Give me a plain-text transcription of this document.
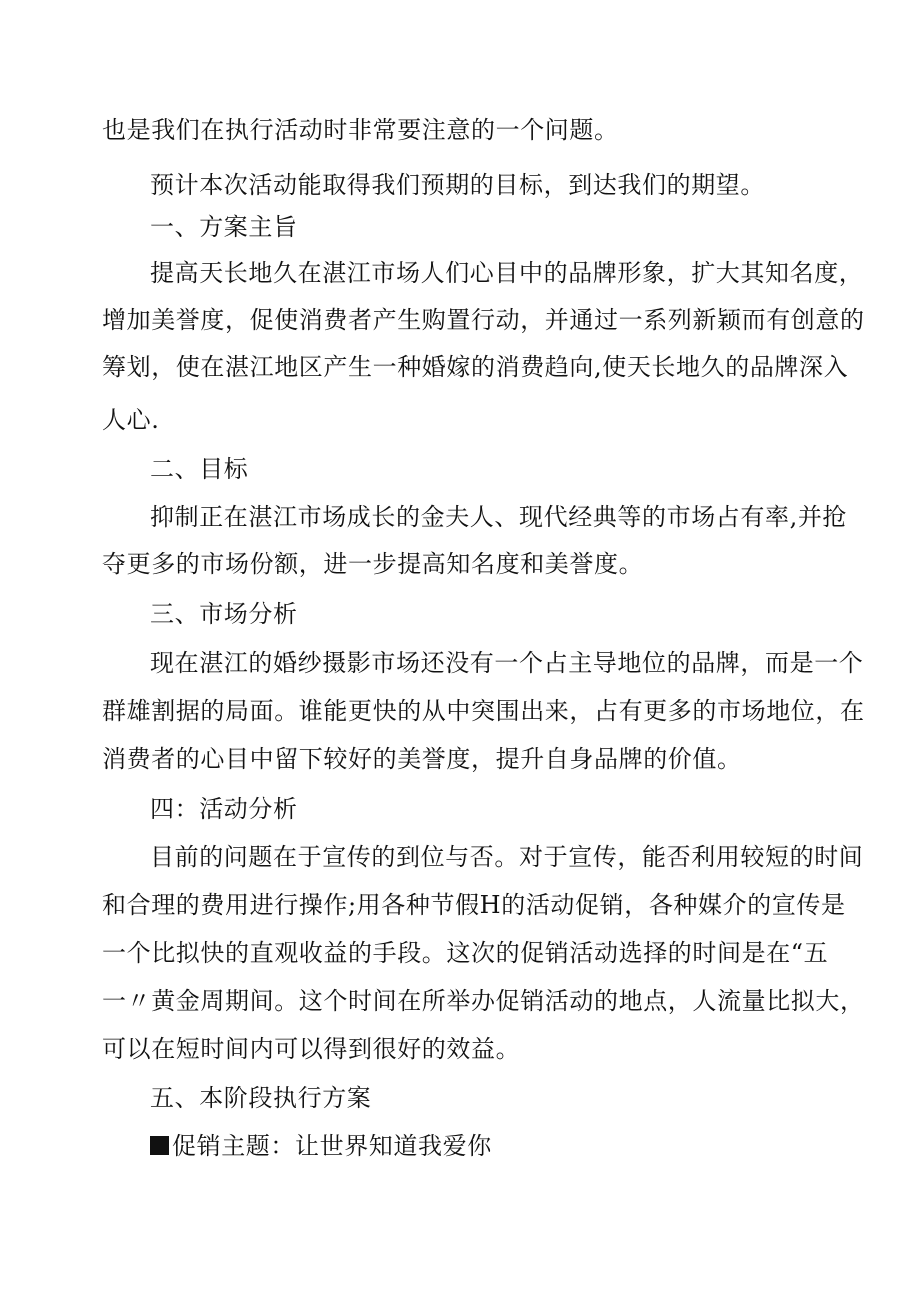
也是我们在执行活动时非常要注意的一个问题。
预计本次活动能取得我们预期的目标，到达我们的期望。
一、方案主旨
提高天长地久在湛江市场人们心目中的品牌形象，扩大其知名度，
增加美誉度，促使消费者产生购置行动，并通过一系列新颖而有创意的
筹划，使在湛江地区产生一种婚嫁的消费趋向,使天长地久的品牌深入
人心.
二、目标
抑制正在湛江市场成长的金夫人、现代经典等的市场占有率,并抢
夺更多的市场份额，进一步提高知名度和美誉度。
三、市场分析
现在湛江的婚纱摄影市场还没有一个占主导地位的品牌，而是一个
群雄割据的局面。谁能更快的从中突围出来，占有更多的市场地位，在
消费者的心目中留下较好的美誉度，提升自身品牌的价值。
四：活动分析
目前的问题在于宣传的到位与否。对于宣传，能否利用较短的时间
和合理的费用进行操作;用各种节假Η的活动促销，各种媒介的宣传是
一个比拟快的直观收益的手段。这次的促销活动选择的时间是在“五
一〃黄金周期间。这个时间在所举办促销活动的地点，人流量比拟大，
可以在短时间内可以得到很好的效益。
五、本阶段执行方案
促销主题：让世界知道我爱你
